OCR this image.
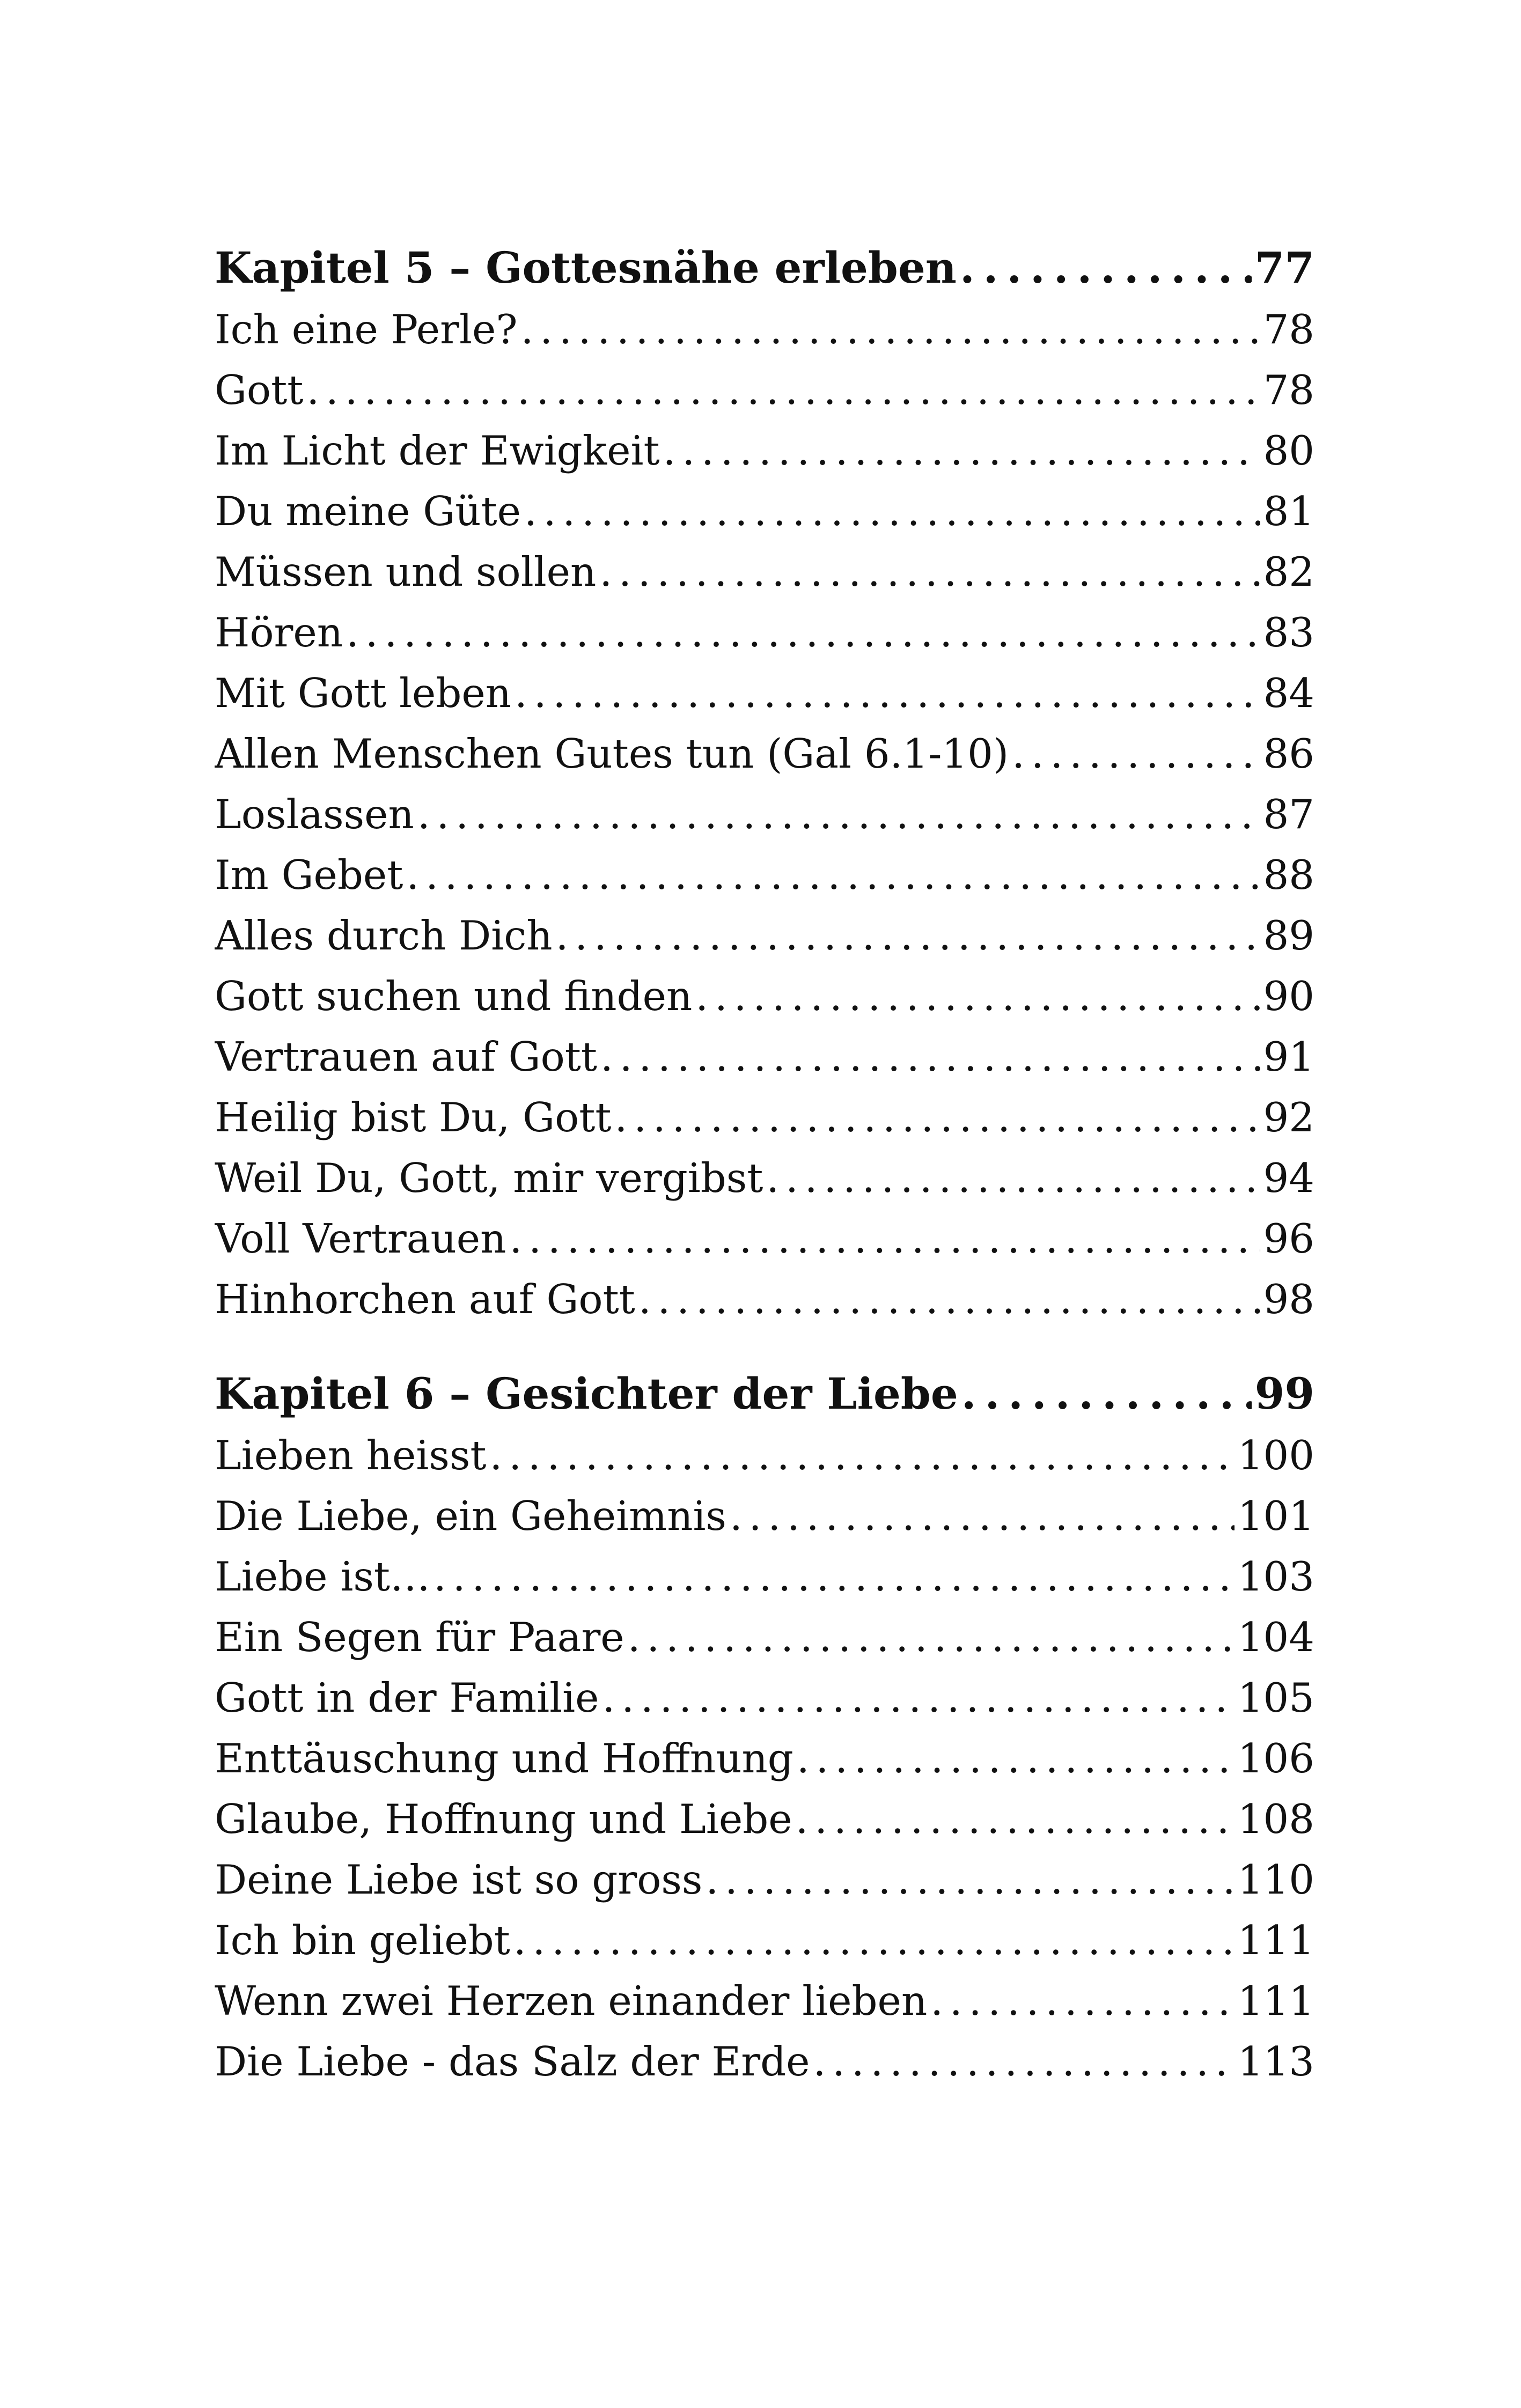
Kapitel 5 – Gottesnähe erleben . . .	77
Ich eine Perle? . . .	78
Gott . . .	78
Im Licht der Ewigkeit . . .	80
Du meine Güte . . .	81
Müssen und sollen . . .	82
Hören . . .	83
Mit Gott leben . . .	84
Allen Menschen Gutes tun (Gal 6.1-10) . . .	86
Loslassen . . .	87
Im Gebet . . .	88
Alles durch Dich . . .	89
Gott suchen und finden . . .	90
Vertrauen auf Gott . . .	91
Heilig bist Du, Gott . . .	92
Weil Du, Gott, mir vergibst . . .	94
Voll Vertrauen . . .	96
Hinhorchen auf Gott . . .	98
Kapitel 6 – Gesichter der Liebe . . .	99
Lieben heisst . . .	100
Die Liebe, ein Geheimnis . . .	101
Liebe ist… . . .	103
Ein Segen für Paare . . .	104
Gott in der Familie . . .	105
Enttäuschung und Hoffnung . . .	106
Glaube, Hoffnung und Liebe . . .	108
Deine Liebe ist so gross . . .	110
Ich bin geliebt . . .	111
Wenn zwei Herzen einander lieben . . .	111
Die Liebe - das Salz der Erde . . .	113
